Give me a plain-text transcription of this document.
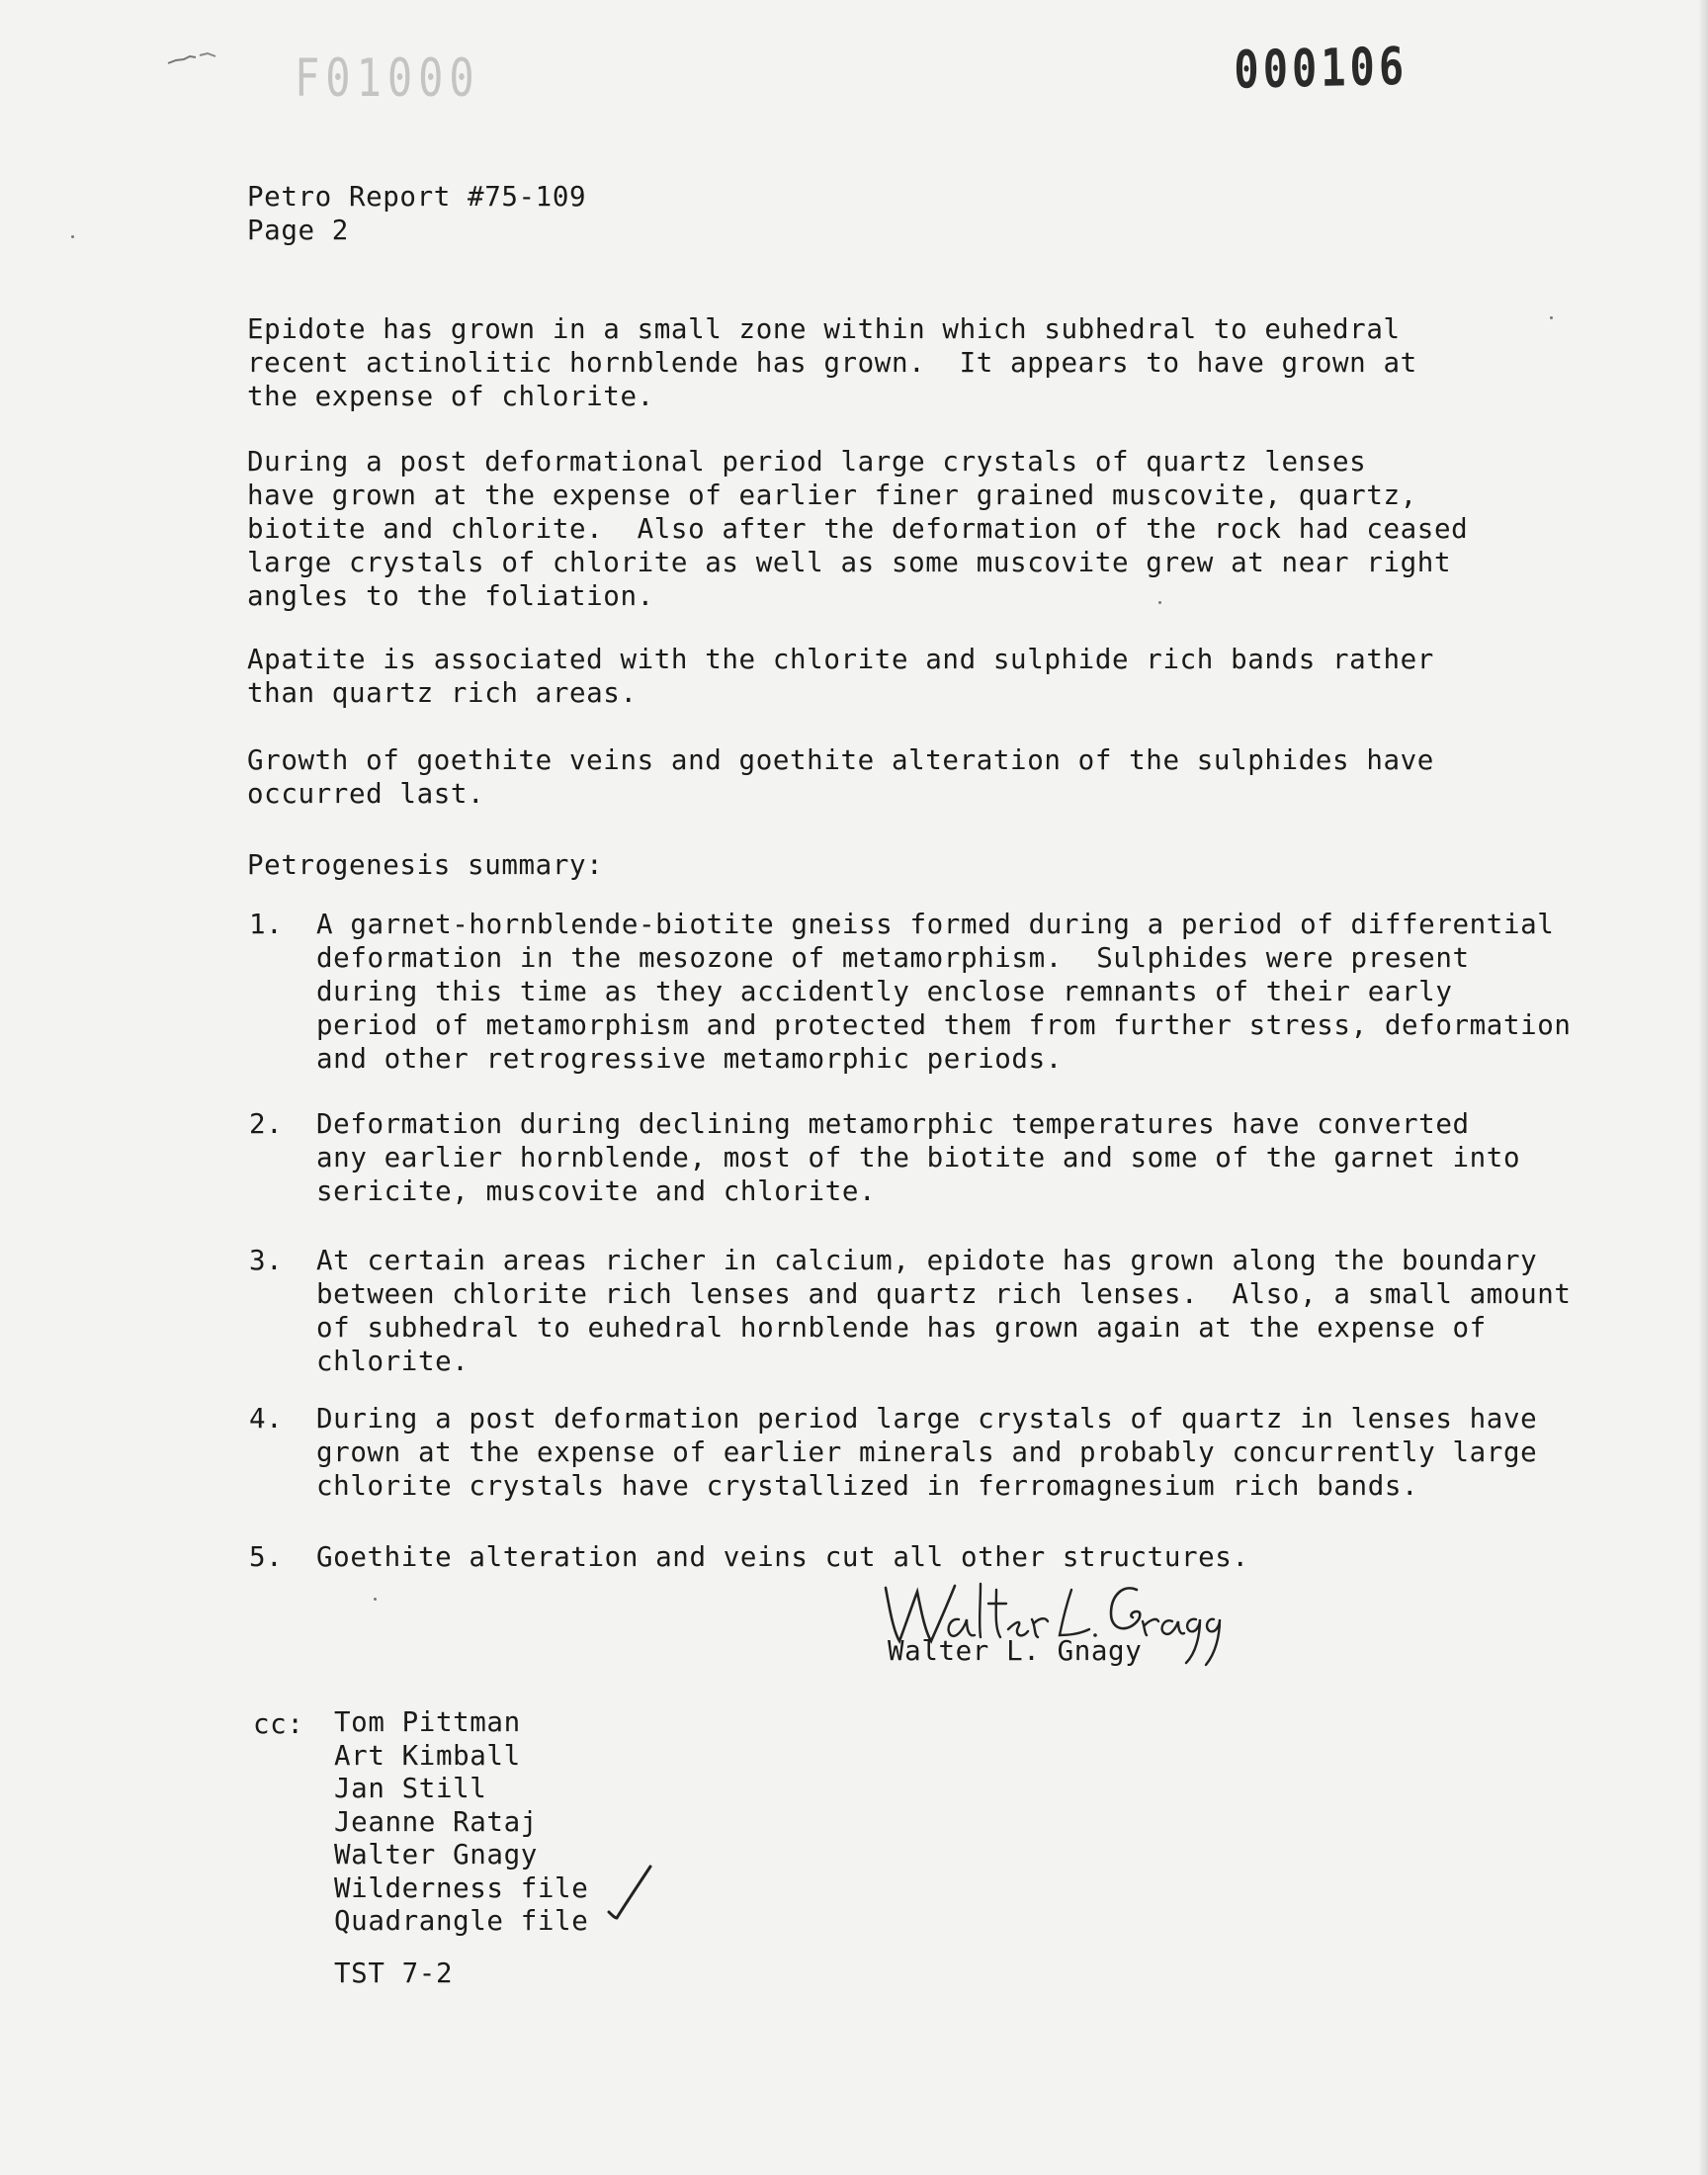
F01000	000106
Petro Report #75-109
Page 2
Epidote has grown in a small zone within which subhedral to euhedral
recent actinolitic hornblende has grown.  It appears to have grown at
the expense of chlorite.
During a post deformational period large crystals of quartz lenses
have grown at the expense of earlier finer grained muscovite, quartz,
biotite and chlorite.  Also after the deformation of the rock had ceased
large crystals of chlorite as well as some muscovite grew at near right
angles to the foliation.
Apatite is associated with the chlorite and sulphide rich bands rather
than quartz rich areas.
Growth of goethite veins and goethite alteration of the sulphides have
occurred last.
Petrogenesis summary:
1.	A garnet-hornblende-biotite gneiss formed during a period of differential
deformation in the mesozone of metamorphism.  Sulphides were present
during this time as they accidently enclose remnants of their early
period of metamorphism and protected them from further stress, deformation
and other retrogressive metamorphic periods.
2.	Deformation during declining metamorphic temperatures have converted
any earlier hornblende, most of the biotite and some of the garnet into
sericite, muscovite and chlorite.
3.	At certain areas richer in calcium, epidote has grown along the boundary
between chlorite rich lenses and quartz rich lenses.  Also, a small amount
of subhedral to euhedral hornblende has grown again at the expense of
chlorite.
4.	During a post deformation period large crystals of quartz in lenses have
grown at the expense of earlier minerals and probably concurrently large
chlorite crystals have crystallized in ferromagnesium rich bands.
5.	Goethite alteration and veins cut all other structures.
Walter L. Gnagy
cc: Tom Pittman
Art Kimball
Jan Still
Jeanne Rataj
Walter Gnagy
Wilderness file
Quadrangle file
TST 7-2
